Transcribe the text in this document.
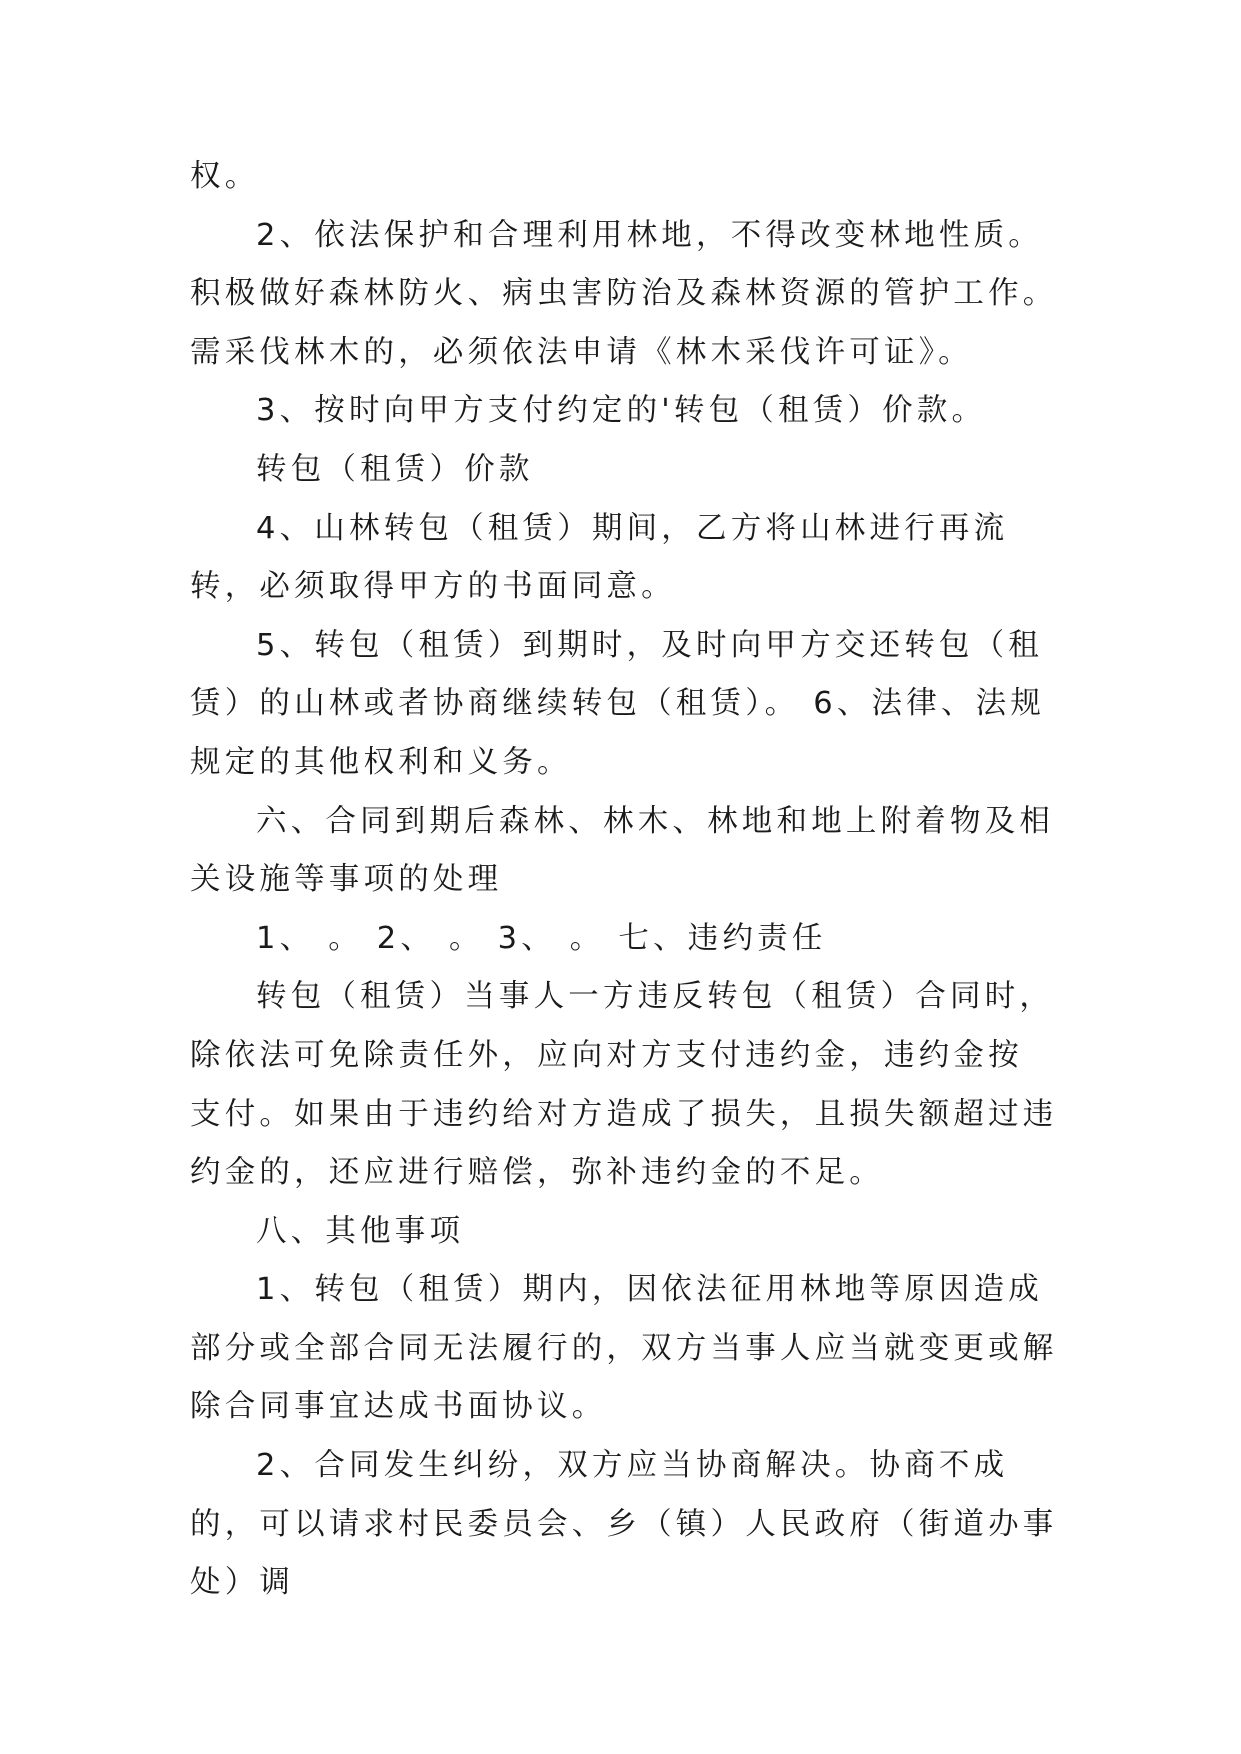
权。

2、依法保护和合理利用林地，不得改变林地性质。积极做好森林防火、病虫害防治及森林资源的管护工作。需采伐林木的，必须依法申请《林木采伐许可证》。

3、按时向甲方支付约定的'转包（租赁）价款。

转包（租赁）价款

4、山林转包（租赁）期间，乙方将山林进行再流转，必须取得甲方的书面同意。

5、转包（租赁）到期时，及时向甲方交还转包（租赁）的山林或者协商继续转包（租赁）。 6、法律、法规规定的其他权利和义务。

六、合同到期后森林、林木、林地和地上附着物及相关设施等事项的处理

1、 。 2、 。 3、 。 七、违约责任

转包（租赁）当事人一方违反转包（租赁）合同时，除依法可免除责任外，应向对方支付违约金，违约金按 支付。如果由于违约给对方造成了损失，且损失额超过违约金的，还应进行赔偿，弥补违约金的不足。

八、其他事项

1、转包（租赁）期内，因依法征用林地等原因造成部分或全部合同无法履行的，双方当事人应当就变更或解除合同事宜达成书面协议。

2、合同发生纠纷，双方应当协商解决。协商不成的，可以请求村民委员会、乡（镇）人民政府（街道办事处）调
